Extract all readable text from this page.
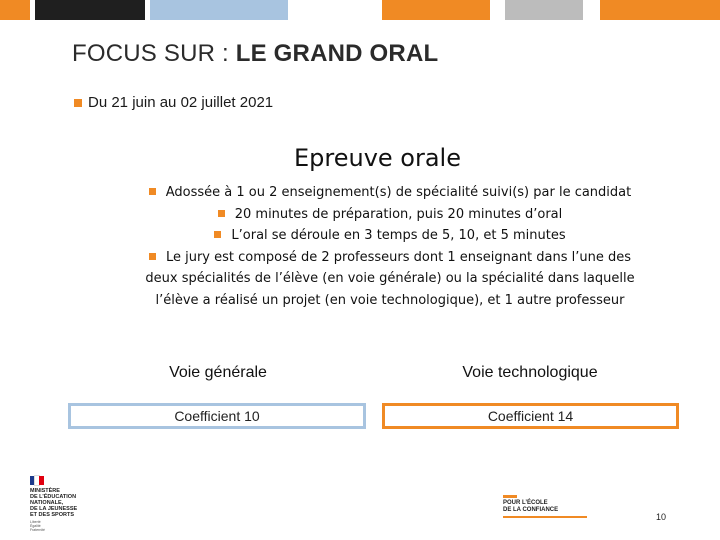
FOCUS SUR : LE GRAND ORAL
Du 21 juin au 02 juillet 2021
Epreuve orale
Adossée à 1 ou 2 enseignement(s) de spécialité suivi(s) par le candidat
20 minutes de préparation, puis 20 minutes d’oral
L’oral se déroule en 3 temps de 5, 10, et 5 minutes
Le jury est composé de 2 professeurs dont 1 enseignant dans l’une des
deux spécialités de l’élève (en voie générale) ou la spécialité dans laquelle
l’élève a réalisé un projet (en voie technologique), et 1 autre professeur
Voie générale	Voie technologique
Coefficient 10	Coefficient 14
MINISTÈRE
DE L’ÉDUCATION
NATIONALE,
DE LA JEUNESSE
ET DES SPORTS
Liberté
Égalité
Fraternité
POUR L’ÉCOLE
DE LA CONFIANCE
10
